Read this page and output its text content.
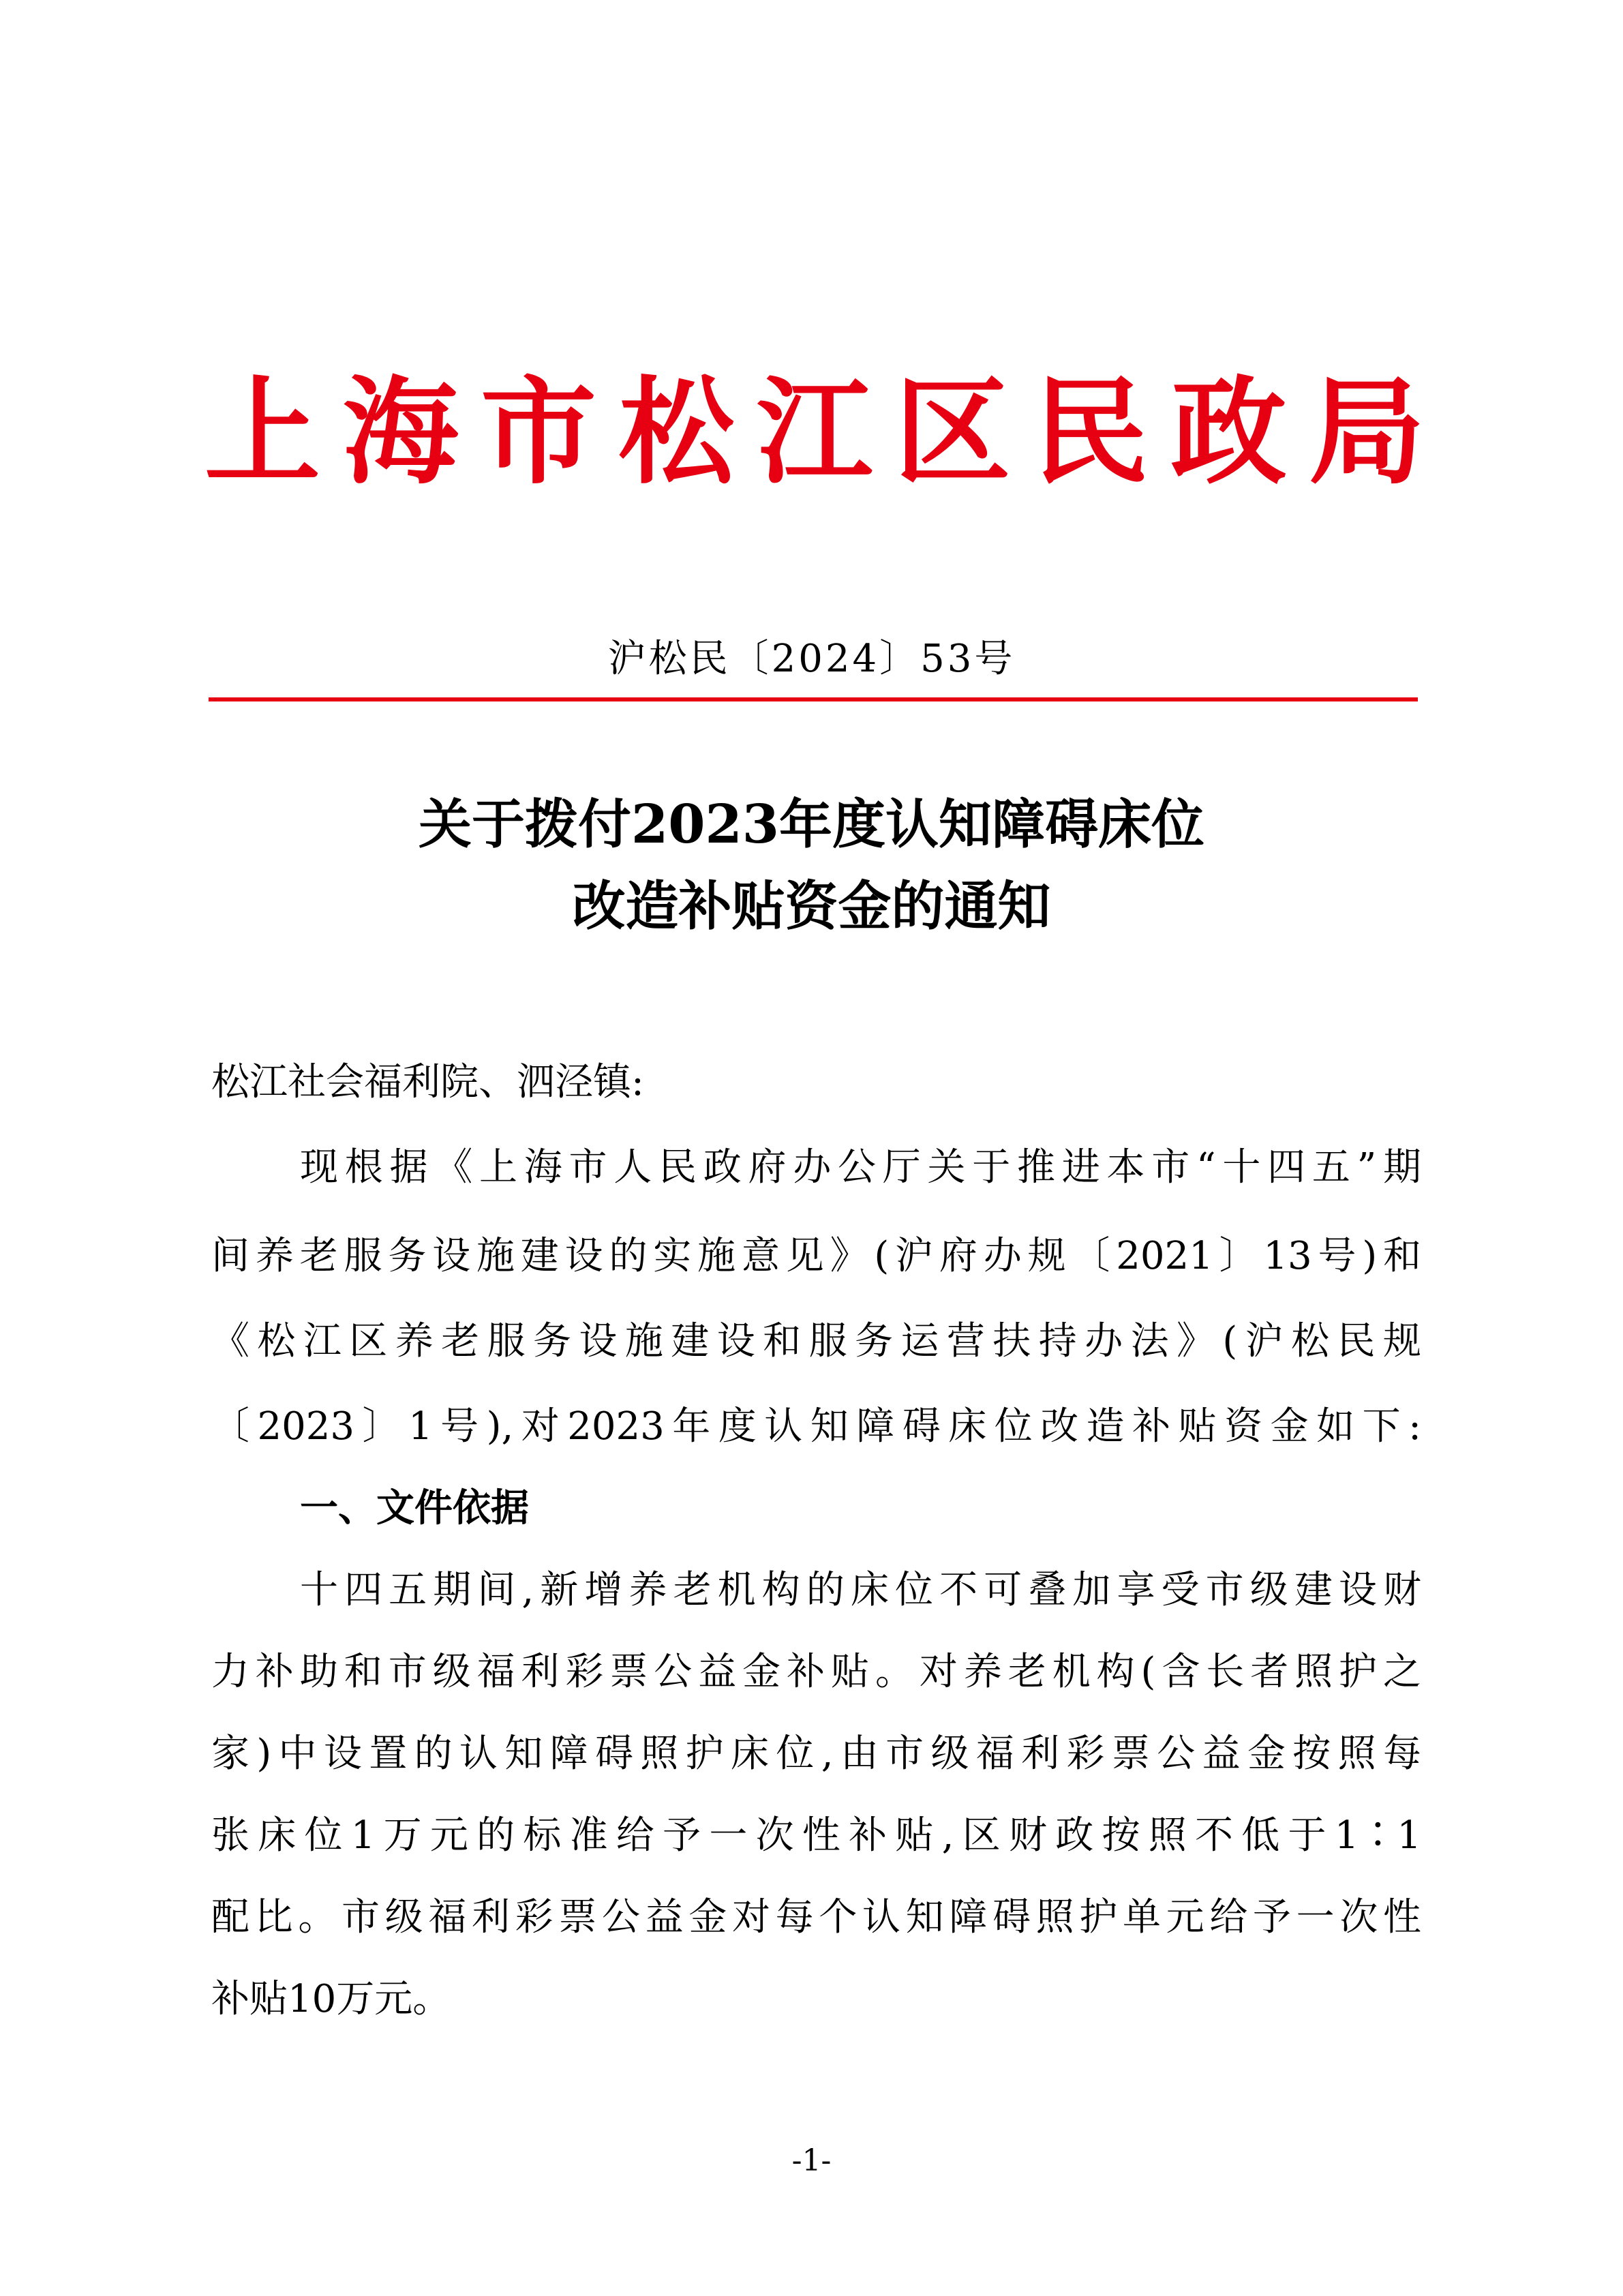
上海市松江区民政局
沪松民〔2024〕53号
关于拨付2023年度认知障碍床位
改造补贴资金的通知
松江社会福利院、泗泾镇:
现根据《上海市人民政府办公厅关于推进本市“十四五”期
间养老服务设施建设的实施意见》(沪府办规〔2021〕13号)和
《松江区养老服务设施建设和服务运营扶持办法》(沪松民规
〔2023〕1号),对2023年度认知障碍床位改造补贴资金如下:
一、文件依据
十四五期间,新增养老机构的床位不可叠加享受市级建设财
力补助和市级福利彩票公益金补贴。对养老机构(含长者照护之
家)中设置的认知障碍照护床位,由市级福利彩票公益金按照每
张床位1万元的标准给予一次性补贴,区财政按照不低于1∶1
配比。市级福利彩票公益金对每个认知障碍照护单元给予一次性
补贴10万元。
-1-
